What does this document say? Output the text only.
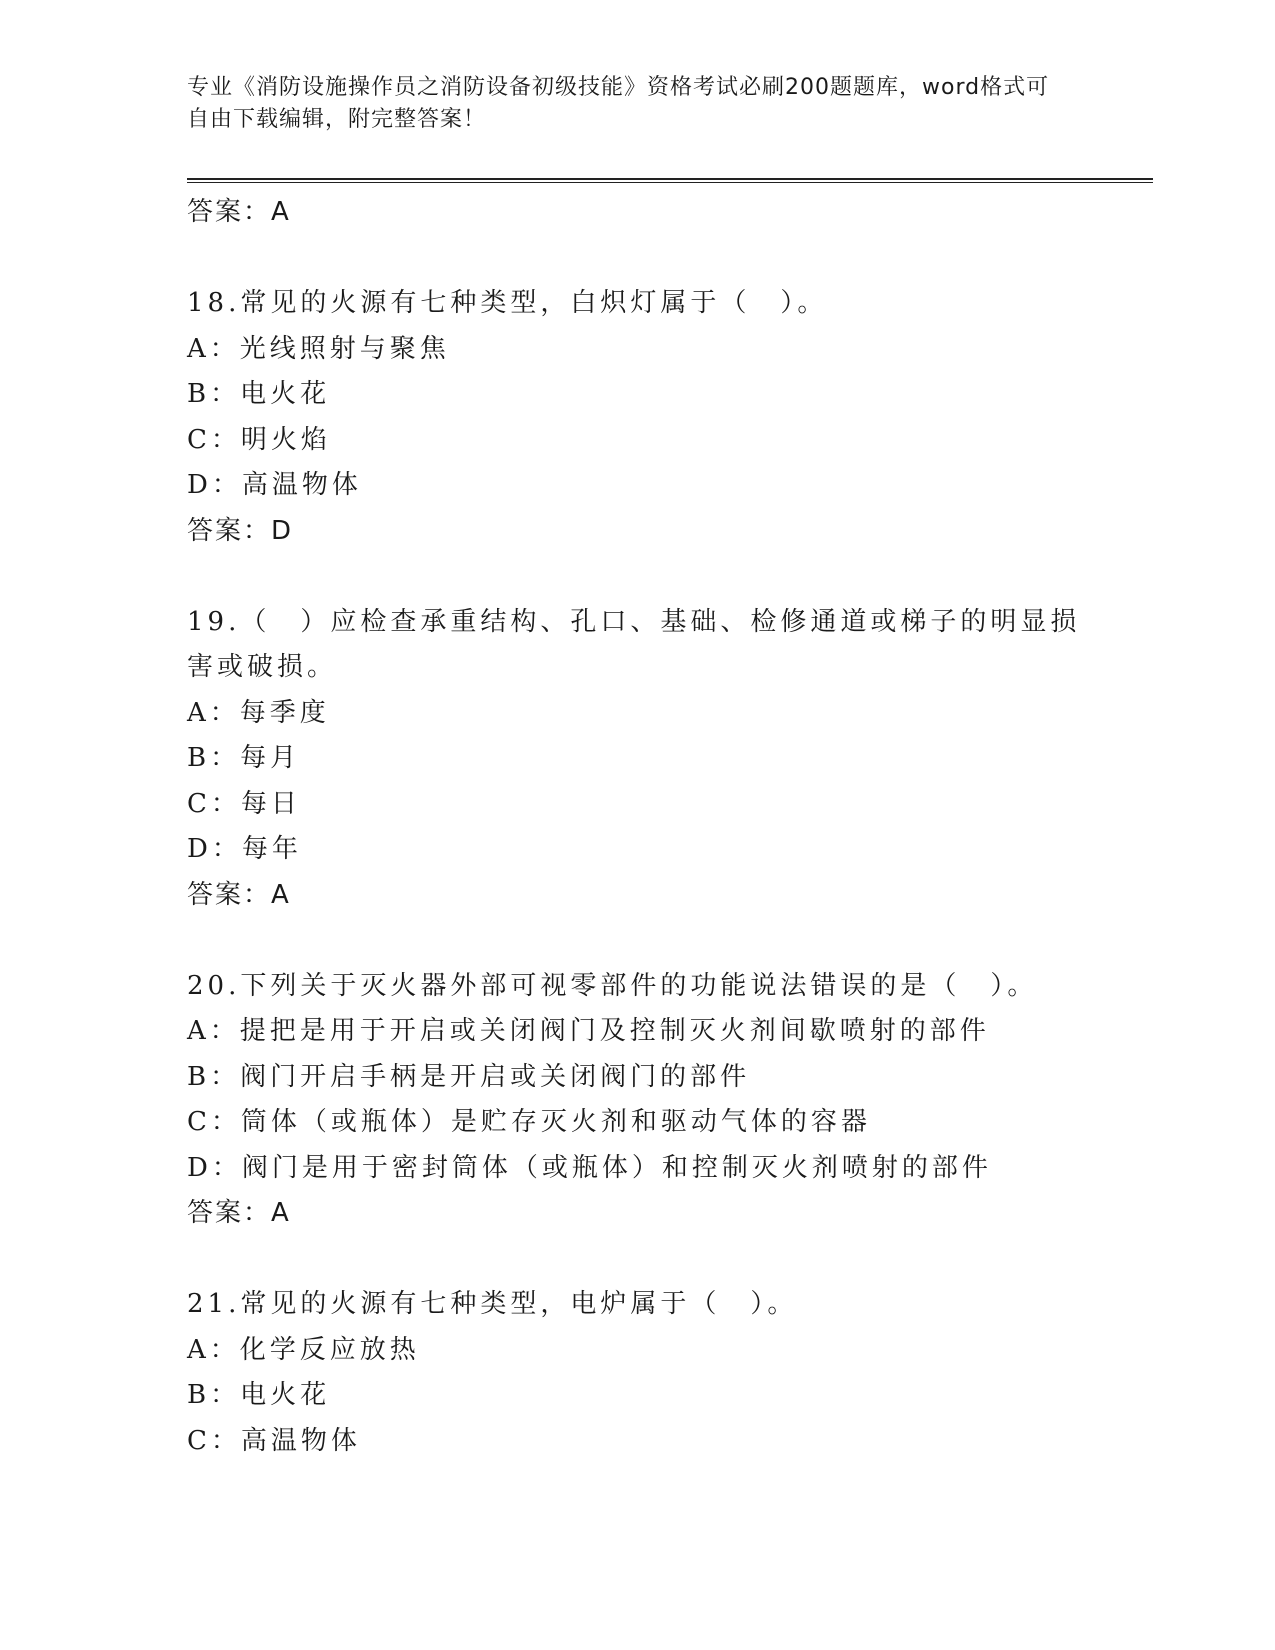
专业《消防设施操作员之消防设备初级技能》资格考试必刷200题题库，word格式可自由下载编辑，附完整答案！
答案：A
18.常见的火源有七种类型，白炽灯属于（　）。
A：光线照射与聚焦
B：电火花
C：明火焰
D：高温物体
答案：D
19.（　）应检查承重结构、孔口、基础、检修通道或梯子的明显损害或破损。
A：每季度
B：每月
C：每日
D：每年
答案：A
20.下列关于灭火器外部可视零部件的功能说法错误的是（　）。
A：提把是用于开启或关闭阀门及控制灭火剂间歇喷射的部件
B：阀门开启手柄是开启或关闭阀门的部件
C：筒体（或瓶体）是贮存灭火剂和驱动气体的容器
D：阀门是用于密封筒体（或瓶体）和控制灭火剂喷射的部件
答案：A
21.常见的火源有七种类型，电炉属于（　）。
A：化学反应放热
B：电火花
C：高温物体
